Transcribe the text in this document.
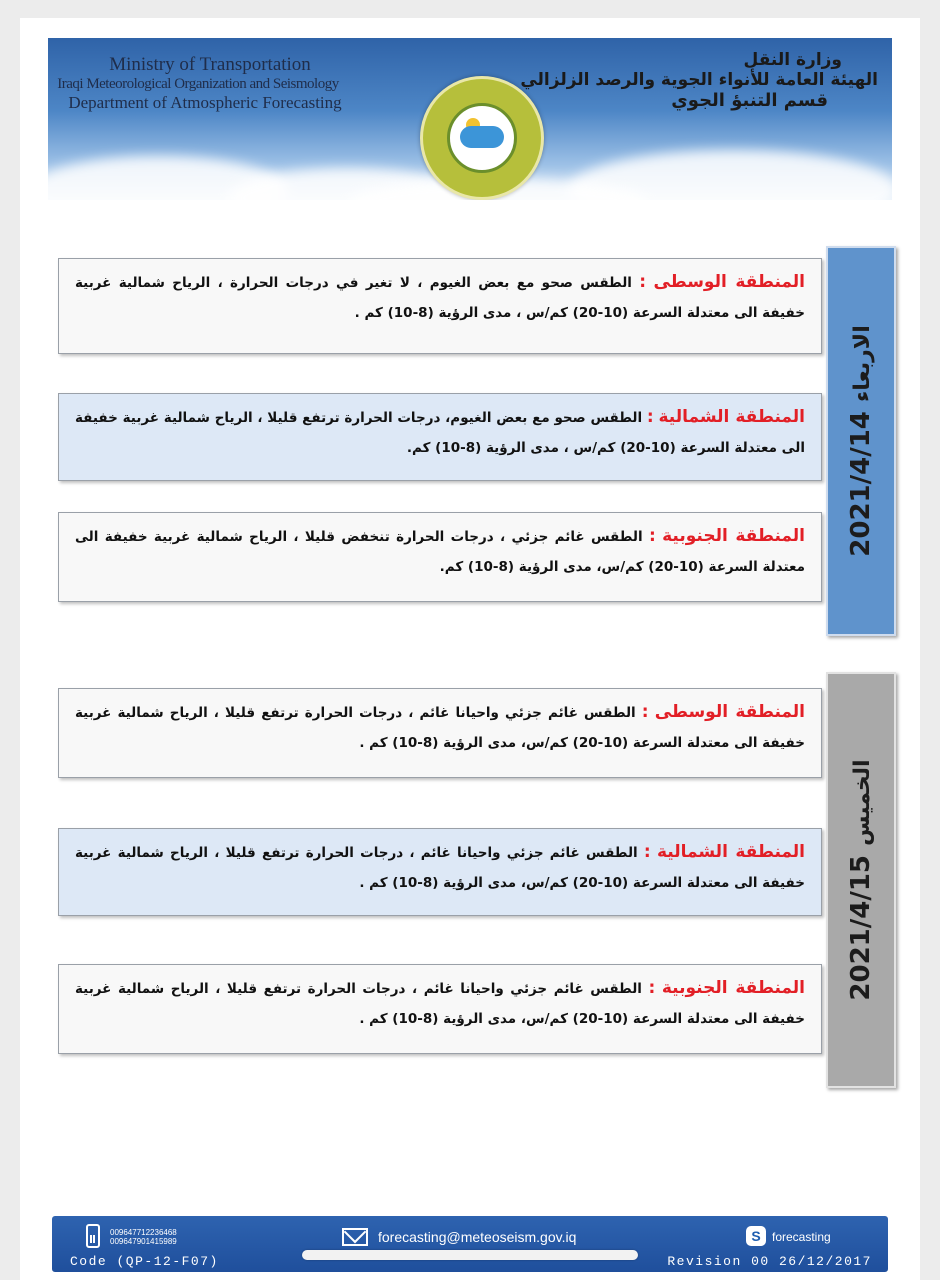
Ministry of Transportation
Iraqi Meteorological Organization and Seismology
Department of Atmospheric Forecasting
وزارة النقل
الهيئة العامة للأنواء الجوية والرصد الزلزالي
قسم التنبؤ الجوي
المنطقة الوسطى : الطقس صحو مع بعض الغيوم ، لا تغير في درجات الحرارة ، الرياح شمالية غربية خفيفة الى معتدلة السرعة (10-20) كم/س ، مدى الرؤية (8-10) كم .
المنطقة الشمالية : الطقس صحو مع بعض الغيوم، درجات الحرارة ترتفع قليلا ، الرياح شمالية غربية خفيفة الى معتدلة السرعة (10-20) كم/س ، مدى الرؤية (8-10) كم.
المنطقة الجنوبية : الطقس غائم جزئي ، درجات الحرارة تنخفض قليلا ، الرياح شمالية غربية خفيفة الى معتدلة السرعة (10-20) كم/س، مدى الرؤية (8-10) كم.
2021/4/14 الاربعاء
المنطقة الوسطى : الطقس غائم جزئي واحيانا غائم ، درجات الحرارة ترتفع قليلا ، الرياح شمالية غربية خفيفة الى معتدلة السرعة (10-20) كم/س، مدى الرؤية (8-10) كم .
المنطقة الشمالية : الطقس غائم جزئي واحيانا غائم ، درجات الحرارة ترتفع قليلا ، الرياح شمالية غربية خفيفة الى معتدلة السرعة (10-20) كم/س، مدى الرؤية (8-10) كم .
المنطقة الجنوبية : الطقس غائم جزئي واحيانا غائم ، درجات الحرارة ترتفع قليلا ، الرياح شمالية غربية خفيفة الى معتدلة السرعة (10-20) كم/س، مدى الرؤية (8-10) كم .
2021/4/15 الخميس
009647712236468
009647901415989	forecasting@meteoseism.gov.iq	S forecasting
Code (QP-12-F07)	Revision 00 26/12/2017
